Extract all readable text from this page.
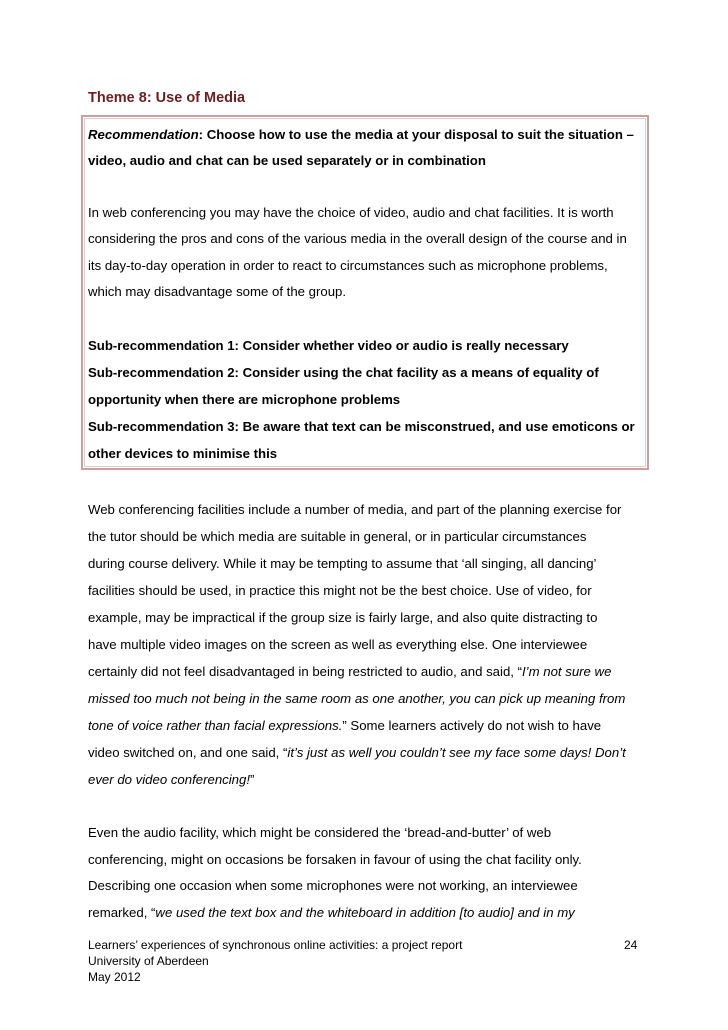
Theme 8: Use of Media
Recommendation: Choose how to use the media at your disposal to suit the situation –
video, audio and chat can be used separately or in combination
In web conferencing you may have the choice of video, audio and chat facilities. It is worth
considering the pros and cons of the various media in the overall design of the course and in
its day-to-day operation in order to react to circumstances such as microphone problems,
which may disadvantage some of the group.
Sub-recommendation 1: Consider whether video or audio is really necessary
Sub-recommendation 2: Consider using the chat facility as a means of equality of
opportunity when there are microphone problems
Sub-recommendation 3: Be aware that text can be misconstrued, and use emoticons or
other devices to minimise this
Web conferencing facilities include a number of media, and part of the planning exercise for
the tutor should be which media are suitable in general, or in particular circumstances
during course delivery. While it may be tempting to assume that ‘all singing, all dancing’
facilities should be used, in practice this might not be the best choice. Use of video, for
example, may be impractical if the group size is fairly large, and also quite distracting to
have multiple video images on the screen as well as everything else. One interviewee
certainly did not feel disadvantaged in being restricted to audio, and said, “I’m not sure we
missed too much not being in the same room as one another, you can pick up meaning from
tone of voice rather than facial expressions.” Some learners actively do not wish to have
video switched on, and one said, “it’s just as well you couldn’t see my face some days! Don’t
ever do video conferencing!”
Even the audio facility, which might be considered the ‘bread-and-butter’ of web
conferencing, might on occasions be forsaken in favour of using the chat facility only.
Describing one occasion when some microphones were not working, an interviewee
remarked, “we used the text box and the whiteboard in addition [to audio] and in my
Learners’ experiences of synchronous online activities: a project report
University of Aberdeen
May 2012
24
